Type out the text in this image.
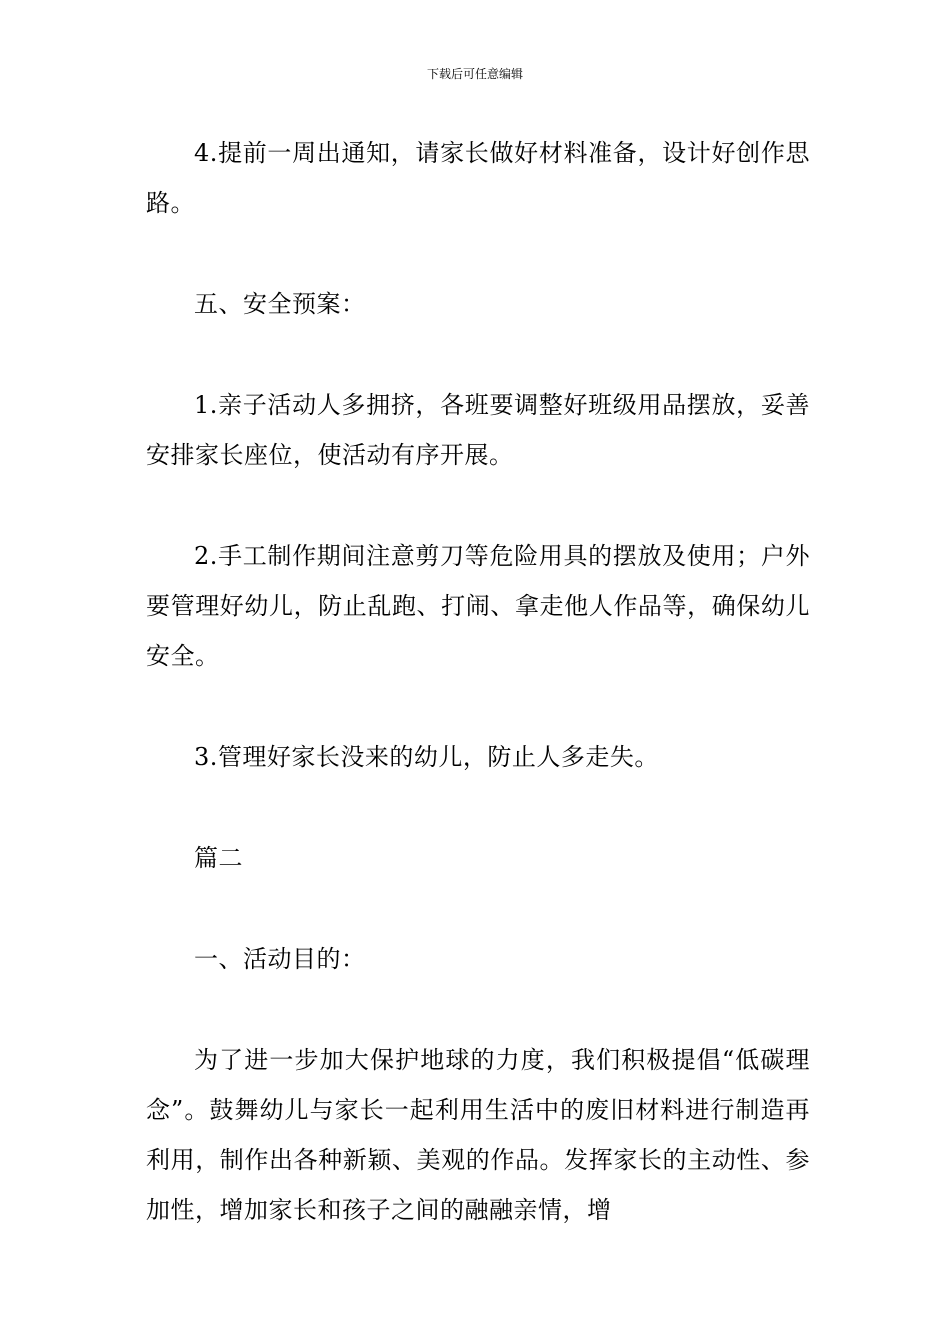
下载后可任意编辑

4.提前一周出通知，请家长做好材料准备，设计好创作思路。

五、安全预案：

1.亲子活动人多拥挤，各班要调整好班级用品摆放，妥善安排家长座位，使活动有序开展。

2.手工制作期间注意剪刀等危险用具的摆放及使用；户外要管理好幼儿，防止乱跑、打闹、拿走他人作品等，确保幼儿安全。

3.管理好家长没来的幼儿，防止人多走失。

篇二

一、活动目的：

为了进一步加大保护地球的力度，我们积极提倡“低碳理念”。鼓舞幼儿与家长一起利用生活中的废旧材料进行制造再利用，制作出各种新颖、美观的作品。发挥家长的主动性、参加性，增加家长和孩子之间的融融亲情，增
